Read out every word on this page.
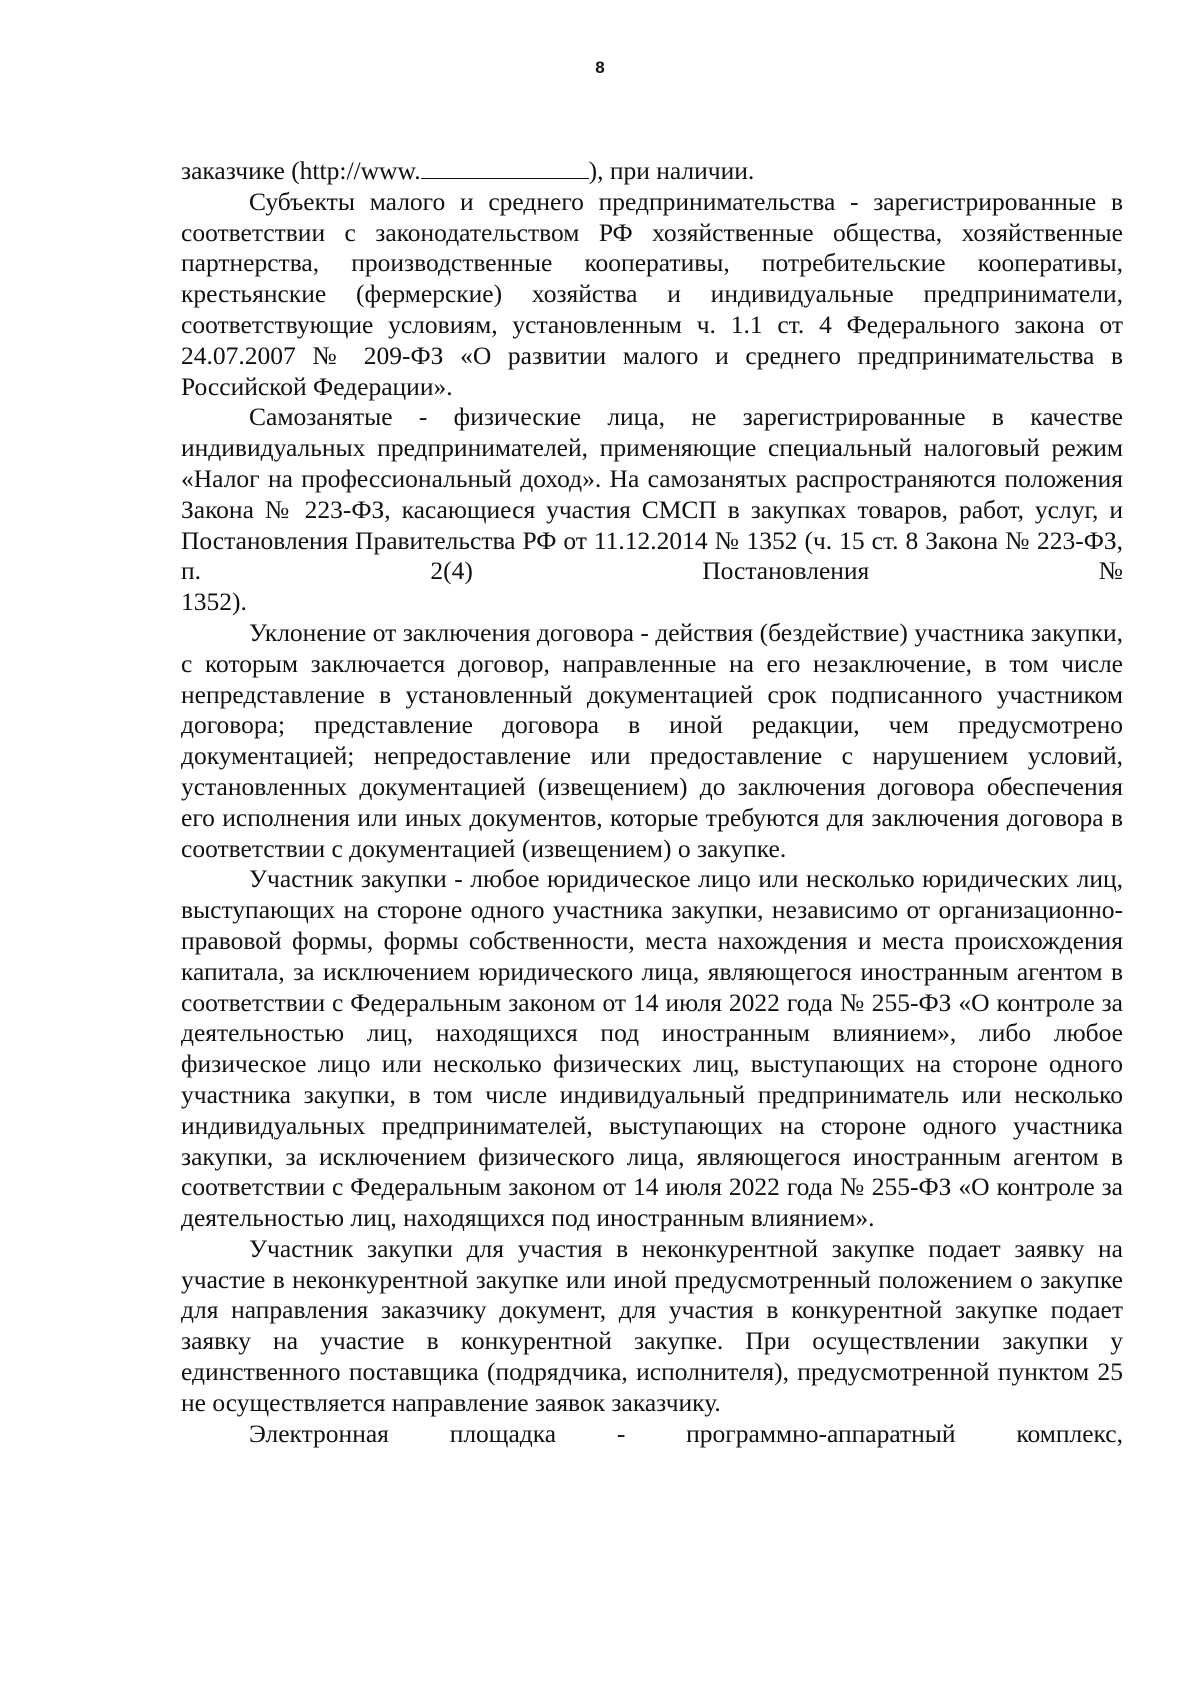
8

заказчике (http://www.	), при наличии.

Субъекты малого и среднего предпринимательства - зарегистрированные в соответствии с законодательством РФ хозяйственные общества, хозяйственные партнерства, производственные кооперативы, потребительские кооперативы, крестьянские (фермерские) хозяйства и индивидуальные предприниматели, соответствующие условиям, установленным ч. 1.1 ст. 4 Федерального закона от 24.07.2007 № 209-ФЗ «О развитии малого и среднего предпринимательства в Российской Федерации».

Самозанятые - физические лица, не зарегистрированные в качестве индивидуальных предпринимателей, применяющие специальный налоговый режим «Налог на профессиональный доход». На самозанятых распространяются положения Закона № 223-ФЗ, касающиеся участия СМСП в закупках товаров, работ, услуг, и Постановления Правительства РФ от 11.12.2014 № 1352 (ч. 15 ст. 8 Закона № 223-ФЗ, п. 2(4) Постановления №

1352).

Уклонение от заключения договора - действия (бездействие) участника закупки, с которым заключается договор, направленные на его незаключение, в том числе непредставление в установленный документацией срок подписанного участником договора; представление договора в иной редакции, чем предусмотрено документацией; непредоставление или предоставление с нарушением условий, установленных документацией (извещением) до заключения договора обеспечения его исполнения или иных документов, которые требуются для заключения договора в соответствии с документацией (извещением) о закупке.

Участник закупки - любое юридическое лицо или несколько юридических лиц, выступающих на стороне одного участника закупки, независимо от организационно-правовой формы, формы собственности, места нахождения и места происхождения капитала, за исключением юридического лица, являющегося иностранным агентом в соответствии с Федеральным законом от 14 июля 2022 года № 255-ФЗ «О контроле за деятельностью лиц, находящихся под иностранным влиянием», либо любое физическое лицо или несколько физических лиц, выступающих на стороне одного участника закупки, в том числе индивидуальный предприниматель или несколько индивидуальных предпринимателей, выступающих на стороне одного участника закупки, за исключением физического лица, являющегося иностранным агентом в соответствии с Федеральным законом от 14 июля 2022 года № 255-ФЗ «О контроле за деятельностью лиц, находящихся под иностранным влиянием».

Участник закупки для участия в неконкурентной закупке подает заявку на участие в неконкурентной закупке или иной предусмотренный положением о закупке для направления заказчику документ, для участия в конкурентной закупке подает заявку на участие в конкурентной закупке. При осуществлении закупки у единственного поставщика (подрядчика, исполнителя), предусмотренной пунктом 25 не осуществляется направление заявок заказчику.

Электронная площадка - программно-аппаратный комплекс,
